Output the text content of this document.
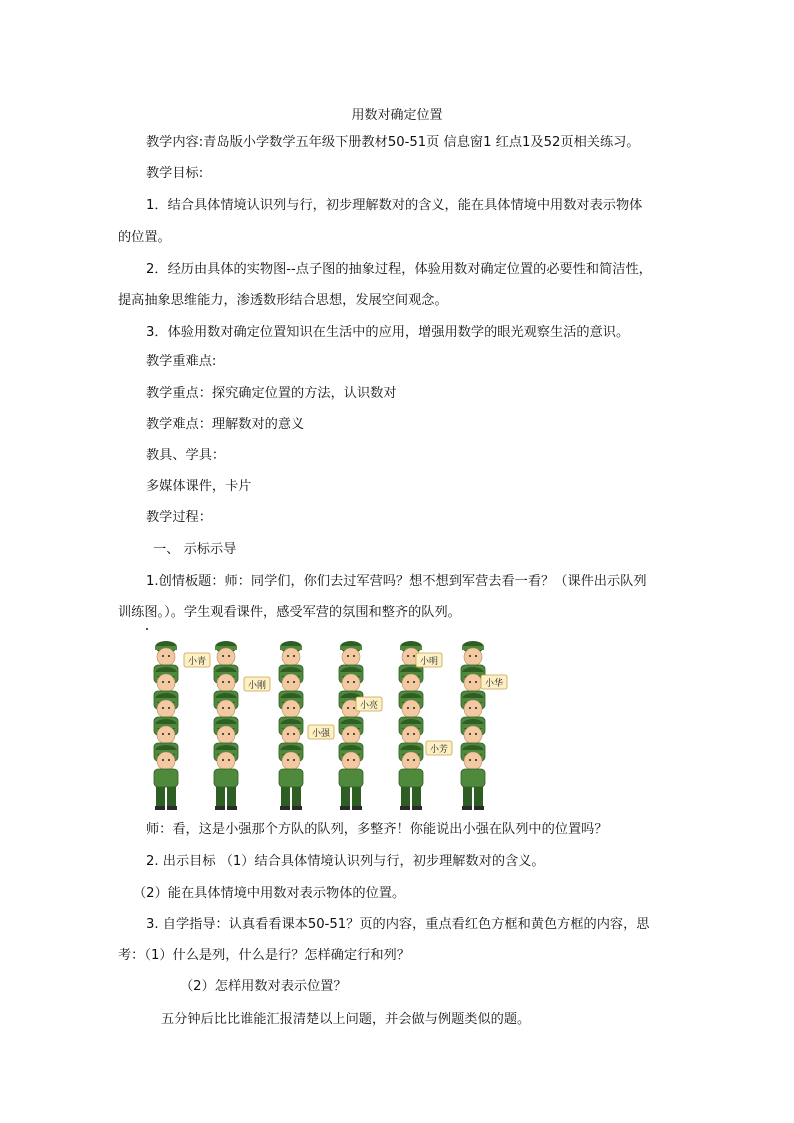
用数对确定位置
教学内容:青岛版小学数学五年级下册教材50-51页 信息窗1 红点1及52页相关练习。
教学目标:
1．结合具体情境认识列与行，初步理解数对的含义，能在具体情境中用数对表示物体
的位置。
2．经历由具体的实物图--点子图的抽象过程，体验用数对确定位置的必要性和简洁性，
提高抽象思维能力，渗透数形结合思想，发展空间观念。
3．体验用数对确定位置知识在生活中的应用，增强用数学的眼光观察生活的意识。
教学重难点:
教学重点：探究确定位置的方法，认识数对
教学难点：理解数对的意义
教具、学具：
多媒体课件，卡片
教学过程：
一、 示标示导
1.创情板题：师：同学们，你们去过军营吗？想不想到军营去看一看？（课件出示队列
训练图。）。学生观看课件，感受军营的氛围和整齐的队列。
小青
小刚
小强
小亮
小明
小芳
小华
师：看，这是小强那个方队的队列，多整齐！你能说出小强在队列中的位置吗？
2. 出示目标 （1）结合具体情境认识列与行，初步理解数对的含义。
（2）能在具体情境中用数对表示物体的位置。
3. 自学指导：认真看看课本50-51？页的内容，重点看红色方框和黄色方框的内容，思
考：（1）什么是列，什么是行？怎样确定行和列？
（2）怎样用数对表示位置？
五分钟后比比谁能汇报清楚以上问题，并会做与例题类似的题。
